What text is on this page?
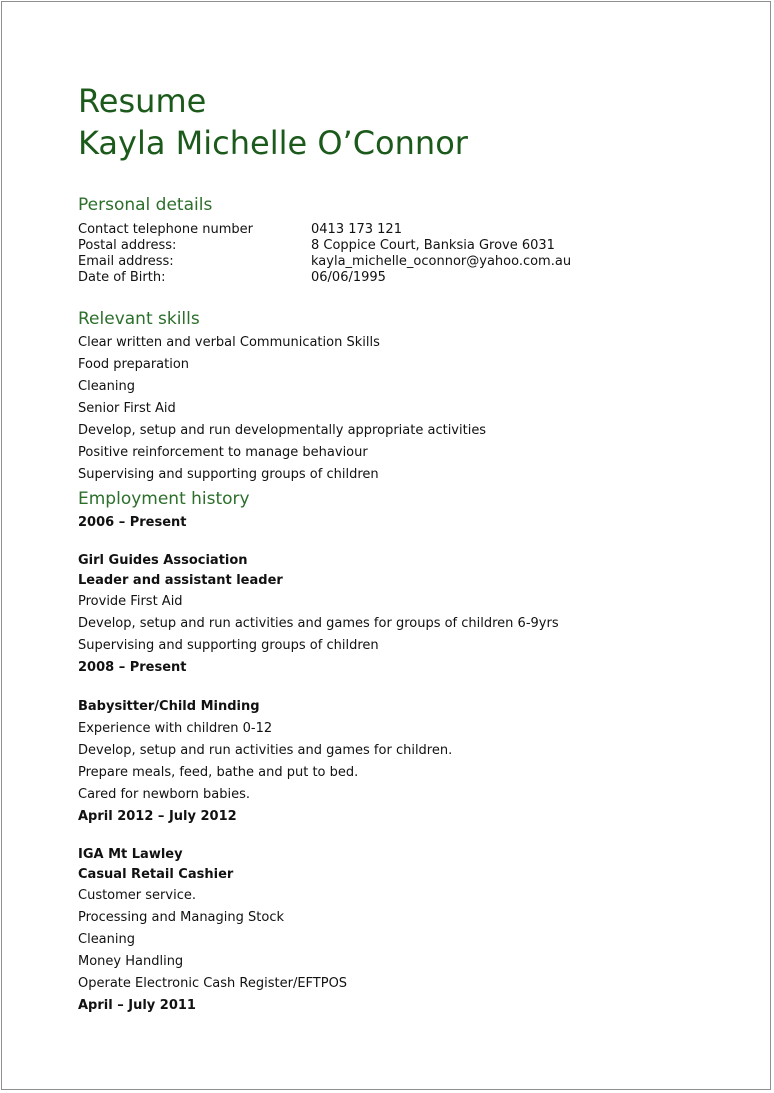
Resume
Kayla Michelle O’Connor
Personal details
Contact telephone number	0413 173 121
Postal address:	8 Coppice Court, Banksia Grove 6031
Email address:	kayla_michelle_oconnor@yahoo.com.au
Date of Birth:	06/06/1995
Relevant skills
Clear written and verbal Communication Skills
Food preparation
Cleaning
Senior First Aid
Develop, setup and run developmentally appropriate activities
Positive reinforcement to manage behaviour
Supervising and supporting groups of children
Employment history
2006 – Present
Girl Guides Association
Leader and assistant leader
Provide First Aid
Develop, setup and run activities and games for groups of children 6-9yrs
Supervising and supporting groups of children
2008 – Present
Babysitter/Child Minding
Experience with children 0-12
Develop, setup and run activities and games for children.
Prepare meals, feed, bathe and put to bed.
Cared for newborn babies.
April 2012 – July 2012
IGA Mt Lawley
Casual Retail Cashier
Customer service.
Processing and Managing Stock
Cleaning
Money Handling
Operate Electronic Cash Register/EFTPOS
April – July 2011
